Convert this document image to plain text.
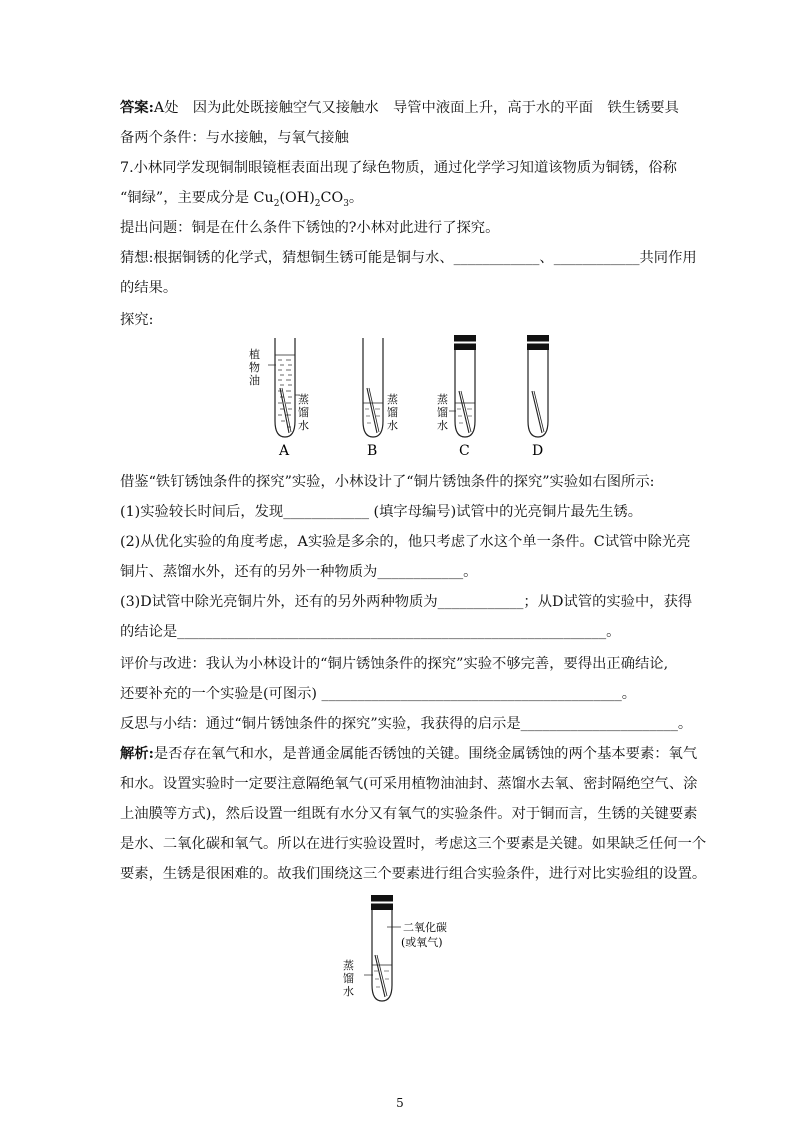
答案:A处　因为此处既接触空气又接触水　导管中液面上升，高于水的平面　铁生锈要具
备两个条件：与水接触，与氧气接触
7.小林同学发现铜制眼镜框表面出现了绿色物质，通过化学学习知道该物质为铜锈，俗称
“铜绿”，主要成分是 $Cu_2(OH)_2CO_3$。
提出问题：铜是在什么条件下锈蚀的?小林对此进行了探究。
猜想:根据铜锈的化学式，猜想铜生锈可能是铜与水、____________、____________共同作用
的结果。
探究:
植
物
油
蒸
馏
水
A
蒸
馏
水
B
蒸
馏
水
C	D
借鉴“铁钉锈蚀条件的探究”实验，小林设计了“铜片锈蚀条件的探究”实验如右图所示:
(1)实验较长时间后，发现____________ (填字母编号)试管中的光亮铜片最先生锈。
(2)从优化实验的角度考虑，A实验是多余的，他只考虑了水这个单一条件。C试管中除光亮
铜片、蒸馏水外，还有的另外一种物质为____________。
(3)D试管中除光亮铜片外，还有的另外两种物质为____________；从D试管的实验中，获得
的结论是____________________________________________________________。
评价与改进：我认为小林设计的“铜片锈蚀条件的探究”实验不够完善，要得出正确结论,
还要补充的一个实验是(可图示) __________________________________________。
反思与小结：通过“铜片锈蚀条件的探究”实验，我获得的启示是______________________。
解析:是否存在氧气和水，是普通金属能否锈蚀的关键。围绕金属锈蚀的两个基本要素：氧气
和水。设置实验时一定要注意隔绝氧气(可采用植物油油封、蒸馏水去氧、密封隔绝空气、涂
上油膜等方式)，然后设置一组既有水分又有氧气的实验条件。对于铜而言，生锈的关键要素
是水、二氧化碳和氧气。所以在进行实验设置时，考虑这三个要素是关键。如果缺乏任何一个
要素，生锈是很困难的。故我们围绕这三个要素进行组合实验条件，进行对比实验组的设置。
二氧化碳
(或氧气)
蒸
馏
水
5
